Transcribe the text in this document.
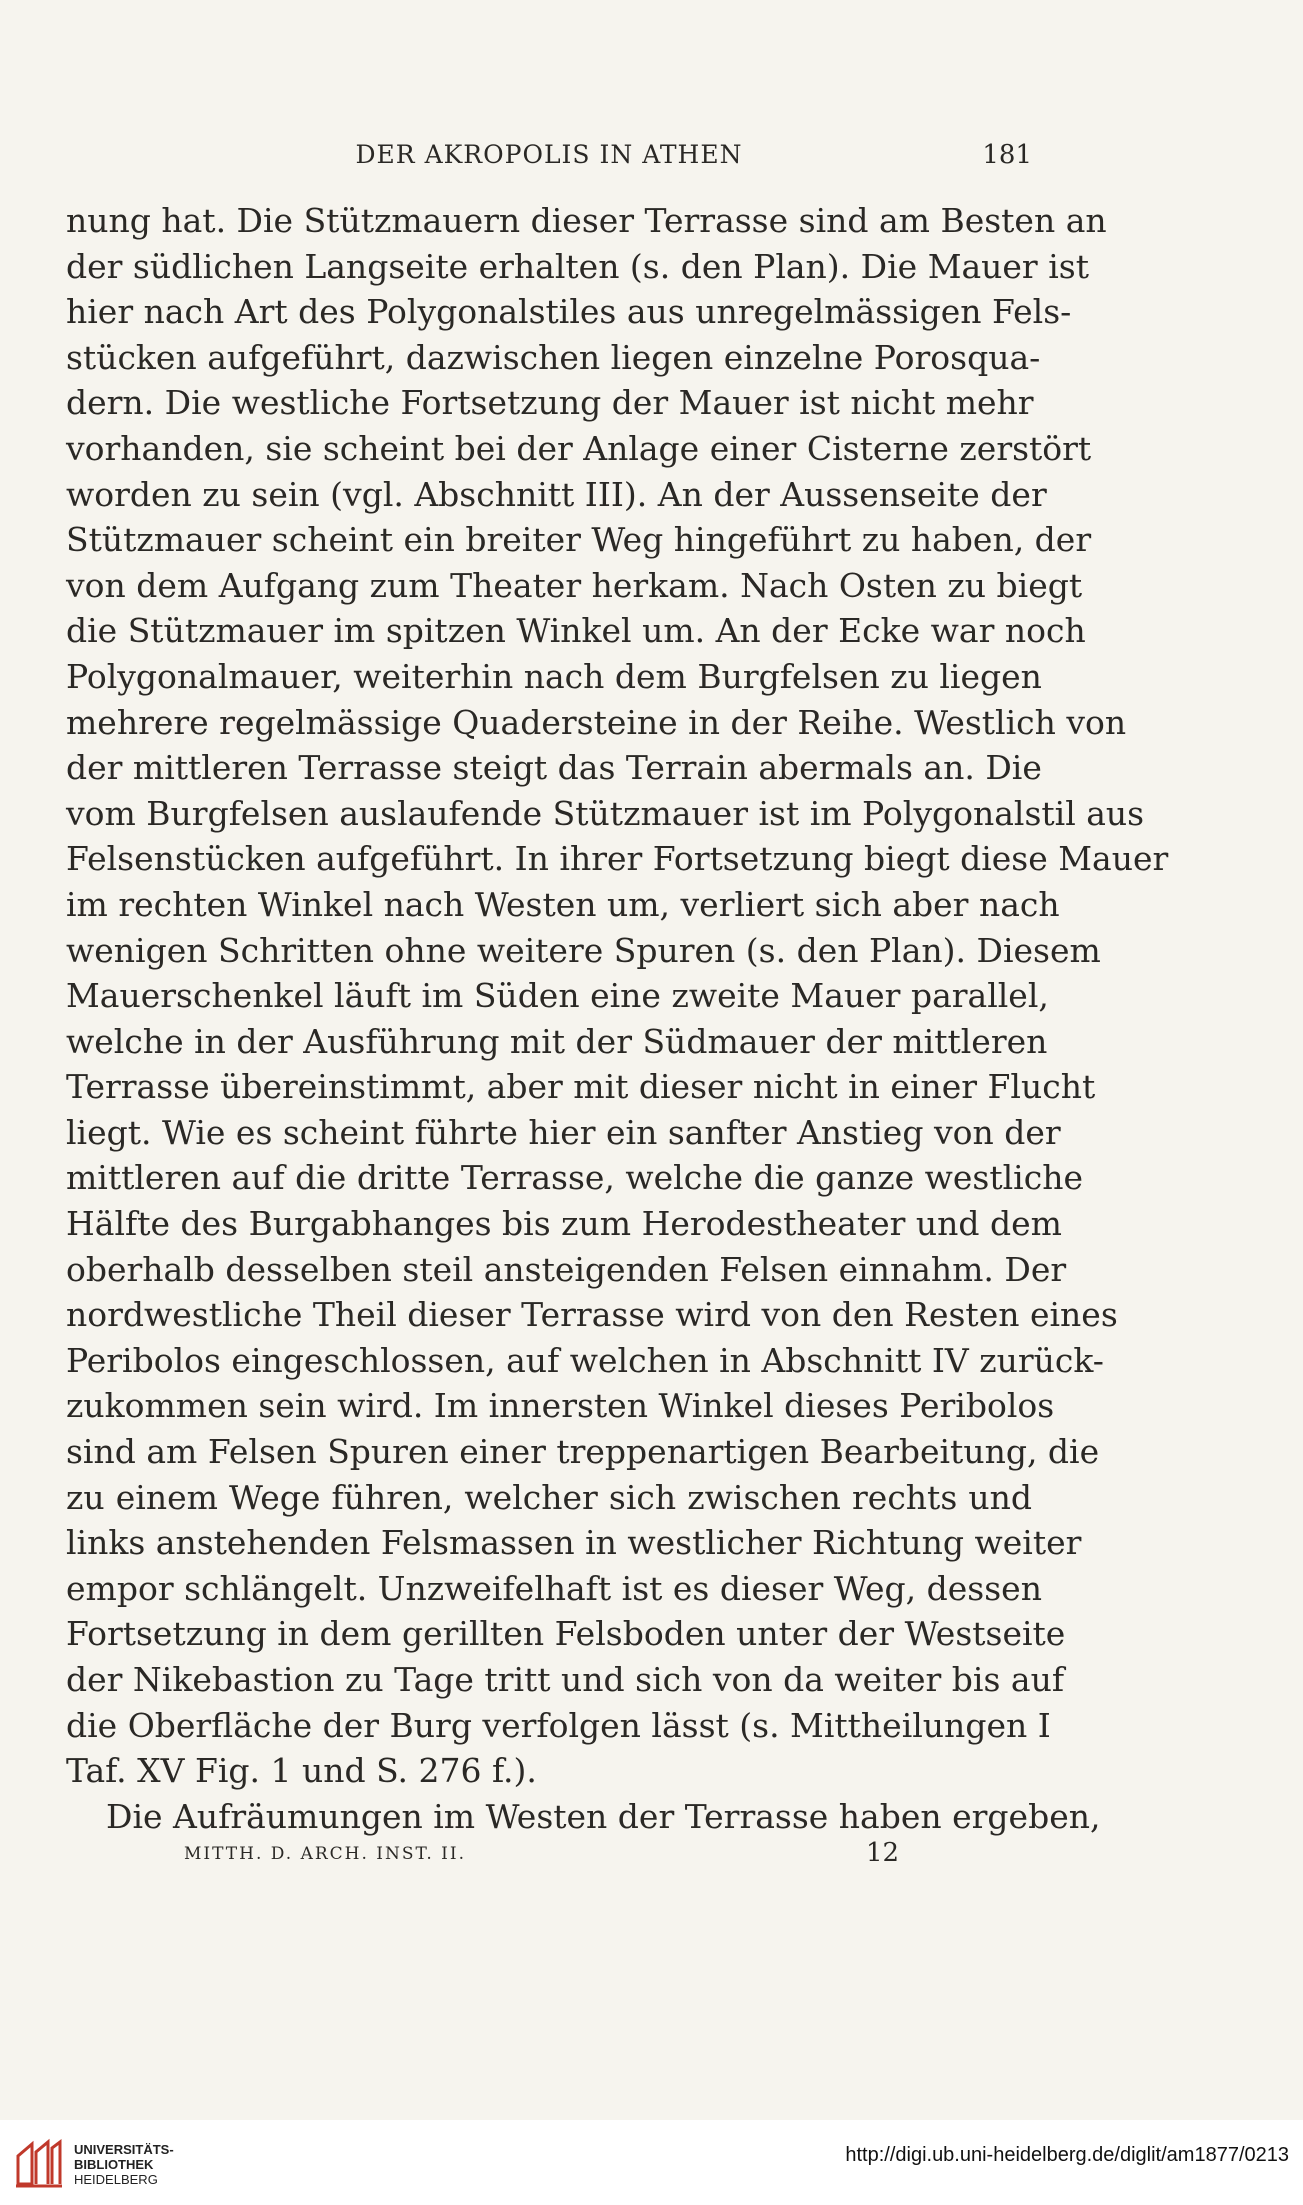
DER AKROPOLIS IN ATHEN	181
nung hat. Die Stützmauern dieser Terrasse sind am Besten an
der südlichen Langseite erhalten (s. den Plan). Die Mauer ist
hier nach Art des Polygonalstiles aus unregelmässigen Fels-
stücken aufgeführt, dazwischen liegen einzelne Porosqua-
dern. Die westliche Fortsetzung der Mauer ist nicht mehr
vorhanden, sie scheint bei der Anlage einer Cisterne zerstört
worden zu sein (vgl. Abschnitt III). An der Aussenseite der
Stützmauer scheint ein breiter Weg hingeführt zu haben, der
von dem Aufgang zum Theater herkam. Nach Osten zu biegt
die Stützmauer im spitzen Winkel um. An der Ecke war noch
Polygonalmauer, weiterhin nach dem Burgfelsen zu liegen
mehrere regelmässige Quadersteine in der Reihe. Westlich von
der mittleren Terrasse steigt das Terrain abermals an. Die
vom Burgfelsen auslaufende Stützmauer ist im Polygonalstil aus
Felsenstücken aufgeführt. In ihrer Fortsetzung biegt diese Mauer
im rechten Winkel nach Westen um, verliert sich aber nach
wenigen Schritten ohne weitere Spuren (s. den Plan). Diesem
Mauerschenkel läuft im Süden eine zweite Mauer parallel,
welche in der Ausführung mit der Südmauer der mittleren
Terrasse übereinstimmt, aber mit dieser nicht in einer Flucht
liegt. Wie es scheint führte hier ein sanfter Anstieg von der
mittleren auf die dritte Terrasse, welche die ganze westliche
Hälfte des Burgabhanges bis zum Herodestheater und dem
oberhalb desselben steil ansteigenden Felsen einnahm. Der
nordwestliche Theil dieser Terrasse wird von den Resten eines
Peribolos eingeschlossen, auf welchen in Abschnitt IV zurück-
zukommen sein wird. Im innersten Winkel dieses Peribolos
sind am Felsen Spuren einer treppenartigen Bearbeitung, die
zu einem Wege führen, welcher sich zwischen rechts und
links anstehenden Felsmassen in westlicher Richtung weiter
empor schlängelt. Unzweifelhaft ist es dieser Weg, dessen
Fortsetzung in dem gerillten Felsboden unter der Westseite
der Nikebastion zu Tage tritt und sich von da weiter bis auf
die Oberfläche der Burg verfolgen lässt (s. Mittheilungen I
Taf. XV Fig. 1 und S. 276 f.).
Die Aufräumungen im Westen der Terrasse haben ergeben,
MITTH. D. ARCH. INST. II.	12
UNIVERSITÄTS-
BIBLIOTHEK
HEIDELBERG
http://digi.ub.uni-heidelberg.de/diglit/am1877/0213
